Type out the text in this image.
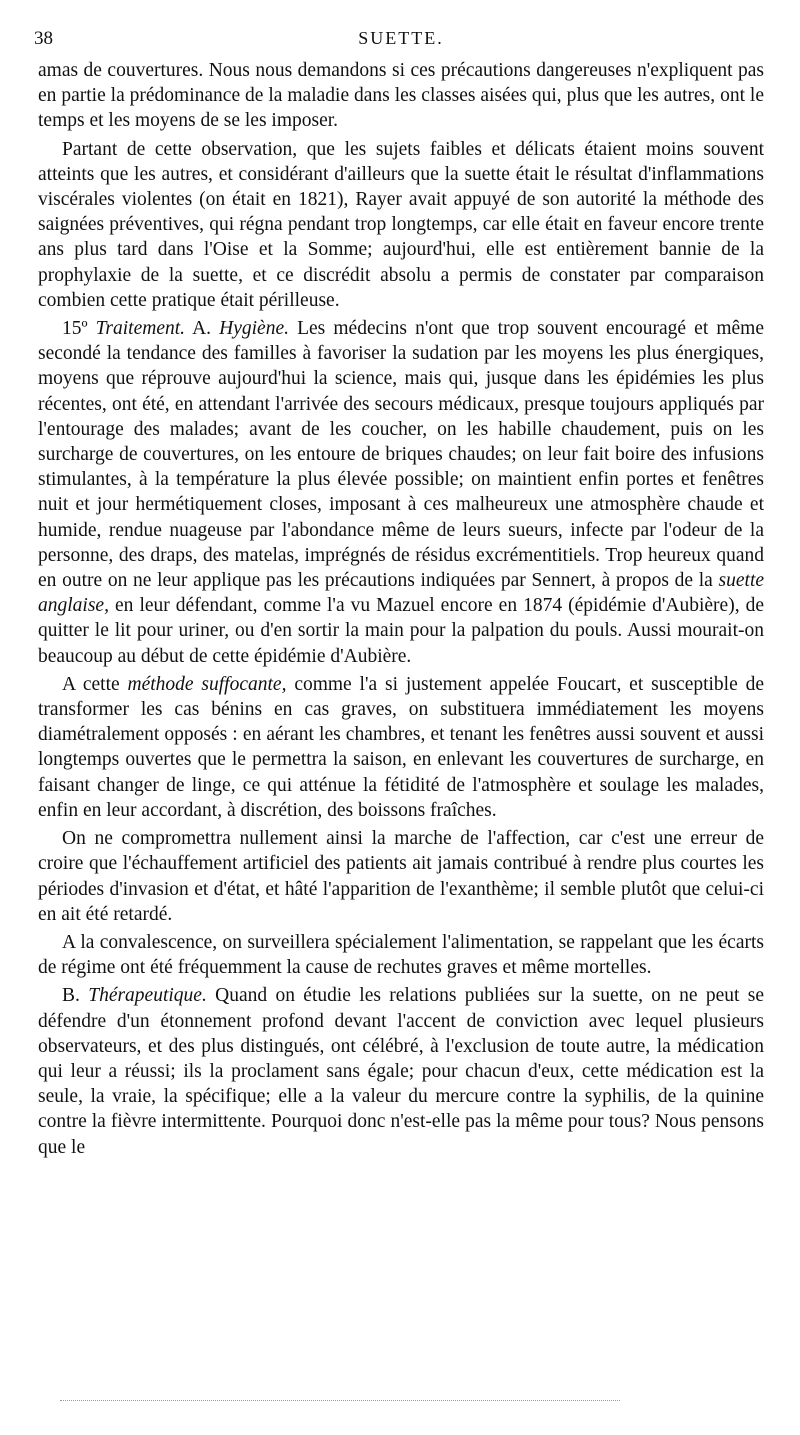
38	SUETTE.

amas de couvertures. Nous nous demandons si ces précautions dangereuses n'expliquent pas en partie la prédominance de la maladie dans les classes aisées qui, plus que les autres, ont le temps et les moyens de se les imposer.

Partant de cette observation, que les sujets faibles et délicats étaient moins souvent atteints que les autres, et considérant d'ailleurs que la suette était le résultat d'inflammations viscérales violentes (on était en 1821), Rayer avait appuyé de son autorité la méthode des saignées préventives, qui régna pendant trop longtemps, car elle était en faveur encore trente ans plus tard dans l'Oise et la Somme; aujourd'hui, elle est entièrement bannie de la prophylaxie de la suette, et ce discrédit absolu a permis de constater par comparaison combien cette pratique était périlleuse.

15º Traitement. A. Hygiène. Les médecins n'ont que trop souvent encouragé et même secondé la tendance des familles à favoriser la sudation par les moyens les plus énergiques, moyens que réprouve aujourd'hui la science, mais qui, jusque dans les épidémies les plus récentes, ont été, en attendant l'arrivée des secours médicaux, presque toujours appliqués par l'entourage des malades; avant de les coucher, on les habille chaudement, puis on les surcharge de couvertures, on les entoure de briques chaudes; on leur fait boire des infusions stimulantes, à la température la plus élevée possible; on maintient enfin portes et fenêtres nuit et jour hermétiquement closes, imposant à ces malheureux une atmosphère chaude et humide, rendue nuageuse par l'abondance même de leurs sueurs, infecte par l'odeur de la personne, des draps, des matelas, imprégnés de résidus excrémentitiels. Trop heureux quand en outre on ne leur applique pas les précautions indiquées par Sennert, à propos de la suette anglaise, en leur défendant, comme l'a vu Mazuel encore en 1874 (épidémie d'Aubière), de quitter le lit pour uriner, ou d'en sortir la main pour la palpation du pouls. Aussi mourait-on beaucoup au début de cette épidémie d'Aubière.

A cette méthode suffocante, comme l'a si justement appelée Foucart, et susceptible de transformer les cas bénins en cas graves, on substituera immédiatement les moyens diamétralement opposés : en aérant les chambres, et tenant les fenêtres aussi souvent et aussi longtemps ouvertes que le permettra la saison, en enlevant les couvertures de surcharge, en faisant changer de linge, ce qui atténue la fétidité de l'atmosphère et soulage les malades, enfin en leur accordant, à discrétion, des boissons fraîches.

On ne compromettra nullement ainsi la marche de l'affection, car c'est une erreur de croire que l'échauffement artificiel des patients ait jamais contribué à rendre plus courtes les périodes d'invasion et d'état, et hâté l'apparition de l'exanthème; il semble plutôt que celui-ci en ait été retardé.

A la convalescence, on surveillera spécialement l'alimentation, se rappelant que les écarts de régime ont été fréquemment la cause de rechutes graves et même mortelles.

B. Thérapeutique. Quand on étudie les relations publiées sur la suette, on ne peut se défendre d'un étonnement profond devant l'accent de conviction avec lequel plusieurs observateurs, et des plus distingués, ont célébré, à l'exclusion de toute autre, la médication qui leur a réussi; ils la proclament sans égale; pour chacun d'eux, cette médication est la seule, la vraie, la spécifique; elle a la valeur du mercure contre la syphilis, de la quinine contre la fièvre intermittente. Pourquoi donc n'est-elle pas la même pour tous? Nous pensons que le
